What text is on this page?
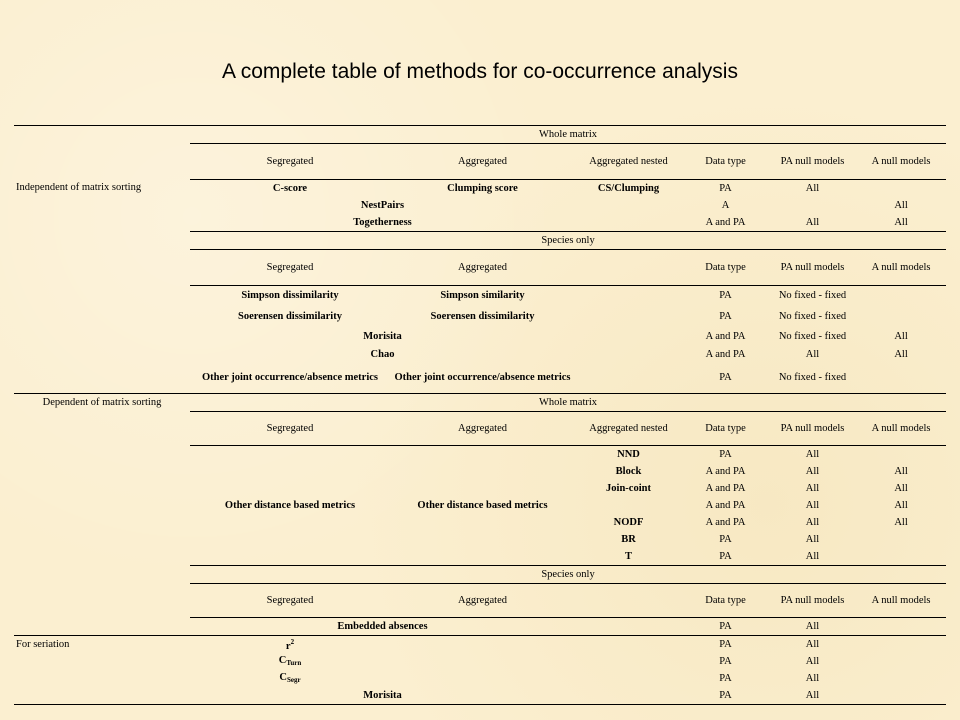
A complete table of methods for co-occurrence analysis
	Whole matrix					
	Segregated	Aggregated	Aggregated nested	Data type	PA null models	A null models
Independent of matrix sorting	C-score	Clumping score	CS/Clumping	PA	All	
	NestPairs			A		All
	Togetherness			A and PA	All	All
	Species only					
	Segregated	Aggregated		Data type	PA null models	A null models
	Simpson dissimilarity	Simpson similarity		PA	No fixed - fixed	
	Soerensen dissimilarity	Soerensen dissimilarity		PA	No fixed - fixed	
	Morisita			A and PA	No fixed - fixed	All
	Chao			A and PA	All	All
	Other joint occurrence/absence metrics	Other joint occurrence/absence metrics		PA	No fixed - fixed	
Dependent of matrix sorting	Whole matrix					
	Segregated	Aggregated	Aggregated nested	Data type	PA null models	A null models
	Other distance based metrics	Other distance based metrics	NND	PA	All	
			Block	A and PA	All	All
			Join-coint	A and PA	All	All
				A and PA	All	All
			NODF	A and PA	All	All
			BR	PA	All	
			T	PA	All	
	Species only					
	Segregated	Aggregated		Data type	PA null models	A null models
	Embedded absences			PA	All	
For seriation	$r^2$			PA	All	
	$C_{Turn}$			PA	All	
	$C_{Segr}$			PA	All	
	Morisita			PA	All	
